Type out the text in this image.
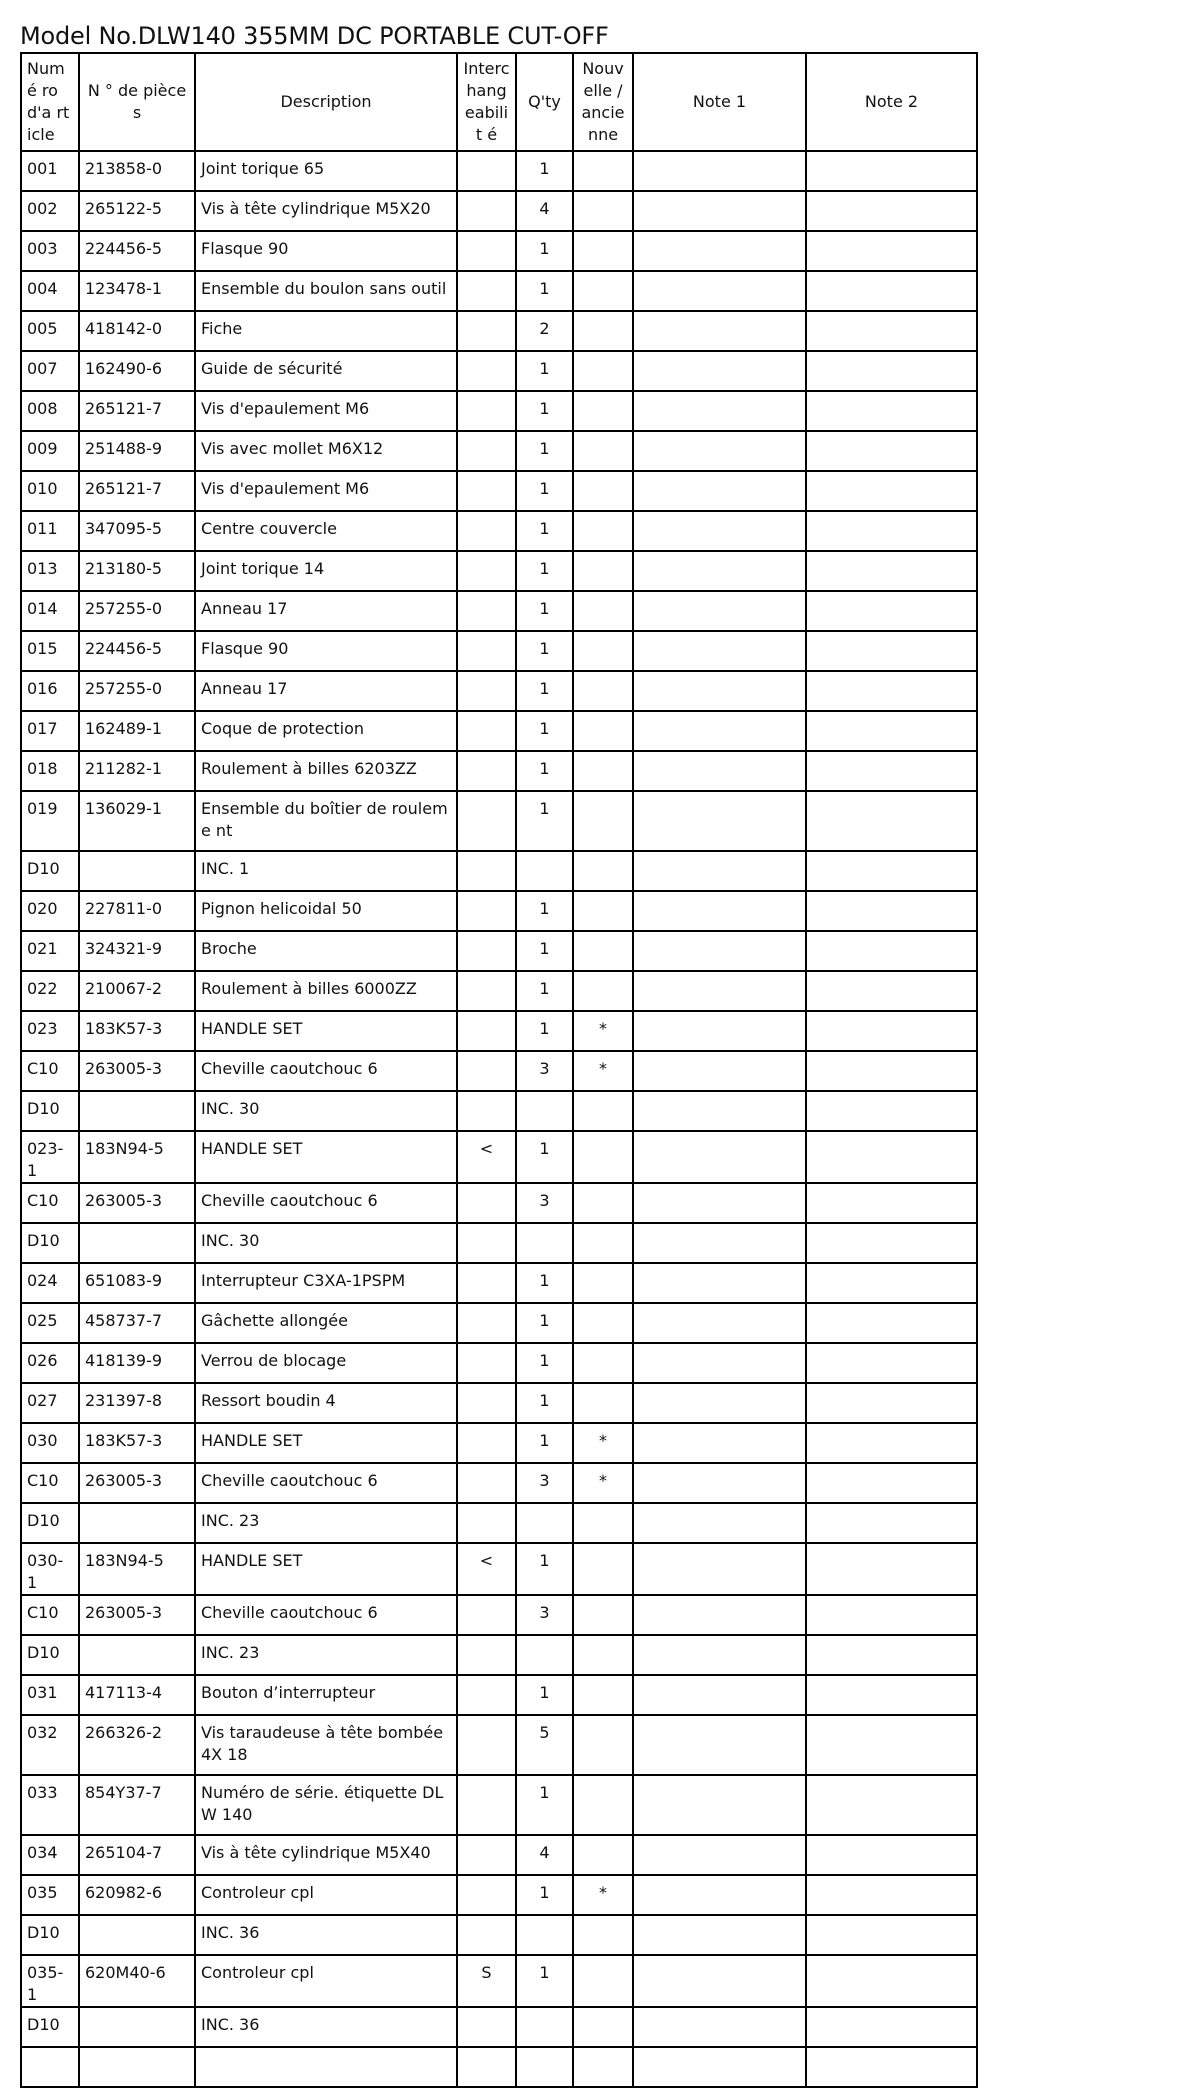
Model No.DLW140 355MM DC PORTABLE CUT-OFF
Numé ro d'a rticle	N ° de pièces	Description	Interc hang eabilit é	Q'ty	Nouv elle / ancie nne	Note 1	Note 2
001	213858-0	Joint torique 65		1			
002	265122-5	Vis à tête cylindrique M5X20		4			
003	224456-5	Flasque 90		1			
004	123478-1	Ensemble du boulon sans outil		1			
005	418142-0	Fiche		2			
007	162490-6	Guide de sécurité		1			
008	265121-7	Vis d'epaulement M6		1			
009	251488-9	Vis avec mollet M6X12		1			
010	265121-7	Vis d'epaulement M6		1			
011	347095-5	Centre couvercle		1			
013	213180-5	Joint torique 14		1			
014	257255-0	Anneau 17		1			
015	224456-5	Flasque 90		1			
016	257255-0	Anneau 17		1			
017	162489-1	Coque de protection		1			
018	211282-1	Roulement à billes 6203ZZ		1			
019	136029-1	Ensemble du boîtier de rouleme nt		1			
D10		INC. 1					
020	227811-0	Pignon helicoidal 50		1			
021	324321-9	Broche		1			
022	210067-2	Roulement à billes 6000ZZ		1			
023	183K57-3	HANDLE SET		1	*		
C10	263005-3	Cheville caoutchouc 6		3	*		
D10		INC. 30					
023-1	183N94-5	HANDLE SET	<	1			
C10	263005-3	Cheville caoutchouc 6		3			
D10		INC. 30					
024	651083-9	Interrupteur C3XA-1PSPM		1			
025	458737-7	Gâchette allongée		1			
026	418139-9	Verrou de blocage		1			
027	231397-8	Ressort boudin 4		1			
030	183K57-3	HANDLE SET		1	*		
C10	263005-3	Cheville caoutchouc 6		3	*		
D10		INC. 23					
030-1	183N94-5	HANDLE SET	<	1			
C10	263005-3	Cheville caoutchouc 6		3			
D10		INC. 23					
031	417113-4	Bouton d’interrupteur		1			
032	266326-2	Vis taraudeuse à tête bombée 4X 18		5			
033	854Y37-7	Numéro de série. étiquette DLW 140		1			
034	265104-7	Vis à tête cylindrique M5X40		4			
035	620982-6	Controleur cpl		1	*		
D10		INC. 36					
035-1	620M40-6	Controleur cpl	S	1			
D10		INC. 36					
